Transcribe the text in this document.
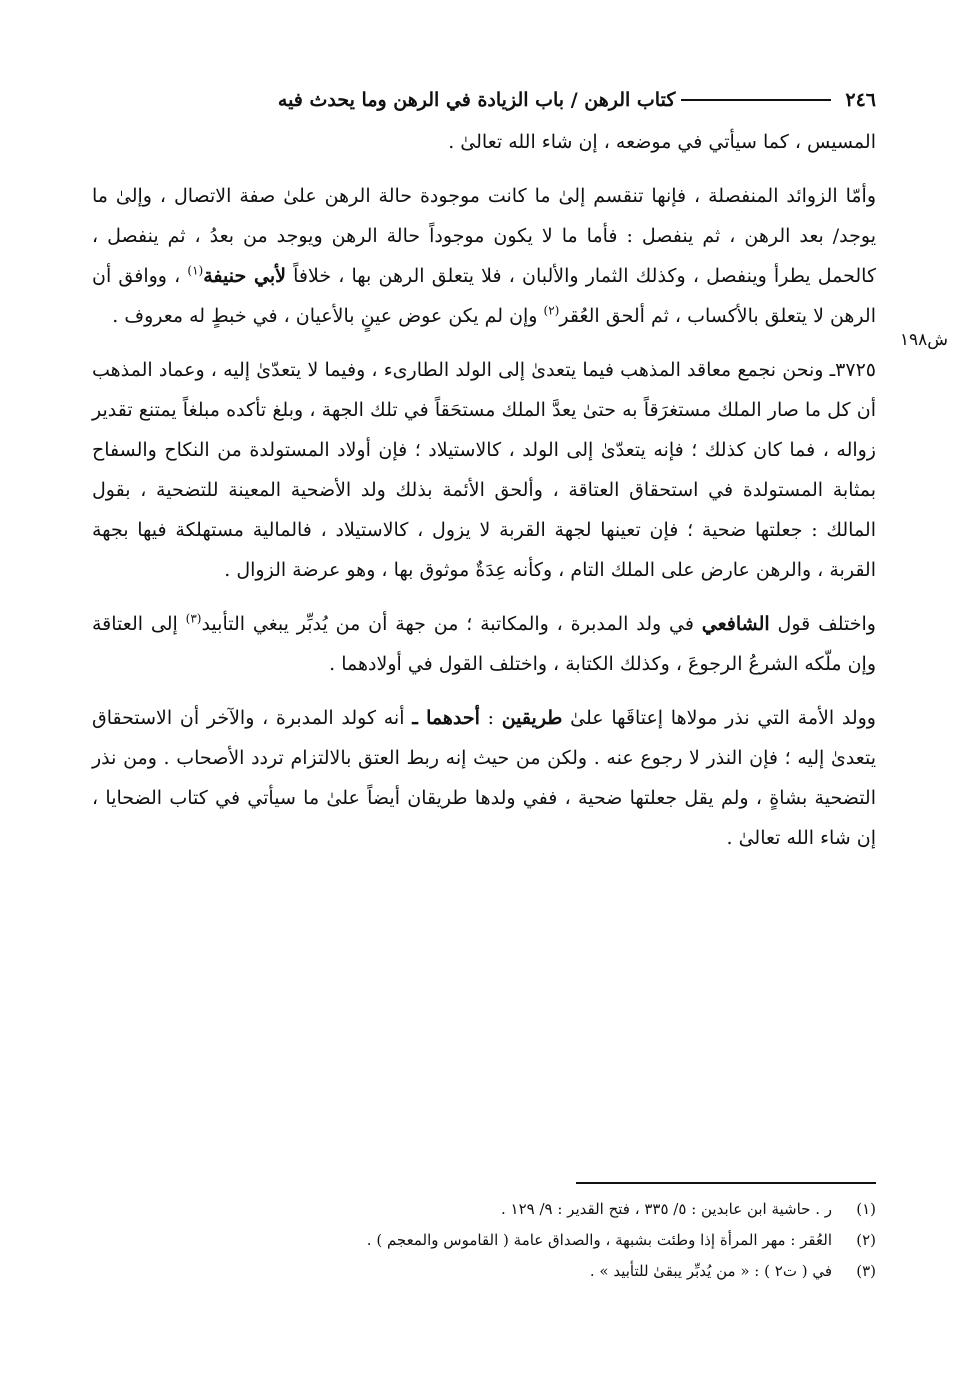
٢٤٦
كتاب الرهن / باب الزيادة في الرهن وما يحدث فيه
ش١٩٨

المسيس ، كما سيأتي في موضعه ، إن شاء الله تعالىٰ .

وأمّا الزوائد المنفصلة ، فإنها تنقسم إلىٰ ما كانت موجودة حالة الرهن علىٰ صفة الاتصال ، وإلىٰ ما يوجد/ بعد الرهن ، ثم ينفصل : فأما ما لا يكون موجوداً حالة الرهن ويوجد من بعدُ ، ثم ينفصل ، كالحمل يطرأ وينفصل ، وكذلك الثمار والألبان ، فلا يتعلق الرهن بها ، خلافاً لأبي حنيفة$^{(١)}$ ، ووافق أن الرهن لا يتعلق بالأكساب ، ثم ألحق العُقر$^{(٢)}$ وإن لم يكن عوض عينٍ بالأعيان ، في خبطٍ له معروف .

٣٧٢٥ـ ونحن نجمع معاقد المذهب فيما يتعدىٰ إلى الولد الطارىء ، وفيما لا يتعدّىٰ إليه ، وعماد المذهب أن كل ما صار الملك مستغرَقاً به حتىٰ يعدَّ الملك مستحَقاً في تلك الجهة ، وبلغ تأكده مبلغاً يمتنع تقدير زواله ، فما كان كذلك ؛ فإنه يتعدّىٰ إلى الولد ، كالاستيلاد ؛ فإن أولاد المستولدة من النكاح والسفاح بمثابة المستولدة في استحقاق العتاقة ، وألحق الأئمة بذلك ولد الأضحية المعينة للتضحية ، بقول المالك : جعلتها ضحية ؛ فإن تعينها لجهة القربة لا يزول ، كالاستيلاد ، فالمالية مستهلكة فيها بجهة القربة ، والرهن عارض على الملك التام ، وكأنه عِدَةٌ موثوق بها ، وهو عرضة الزوال .

واختلف قول الشافعي في ولد المدبرة ، والمكاتبة ؛ من جهة أن من يُدبِّر يبغي التأبيد$^{(٣)}$ إلى العتاقة وإن ملّكه الشرعُ الرجوعَ ، وكذلك الكتابة ، واختلف القول في أولادهما .

وولد الأمة التي نذر مولاها إعتاقَها علىٰ طريقين : أحدهما ـ أنه كولد المدبرة ، والآخر أن الاستحقاق يتعدىٰ إليه ؛ فإن النذر لا رجوع عنه . ولكن من حيث إنه ربط العتق بالالتزام تردد الأصحاب . ومن نذر التضحية بشاةٍ ، ولم يقل جعلتها ضحية ، ففي ولدها طريقان أيضاً علىٰ ما سيأتي في كتاب الضحايا ، إن شاء الله تعالىٰ .

(١)
ر . حاشية ابن عابدين : ٥/ ٣٣٥ ، فتح القدير : ٩/ ١٢٩ .
(٢)
العُقر : مهر المرأة إذا وطئت بشبهة ، والصداق عامة ( القاموس والمعجم ) .
(٣)
في ( ت٢ ) : « من يُدبِّر يبقىٰ للتأبيد » .
